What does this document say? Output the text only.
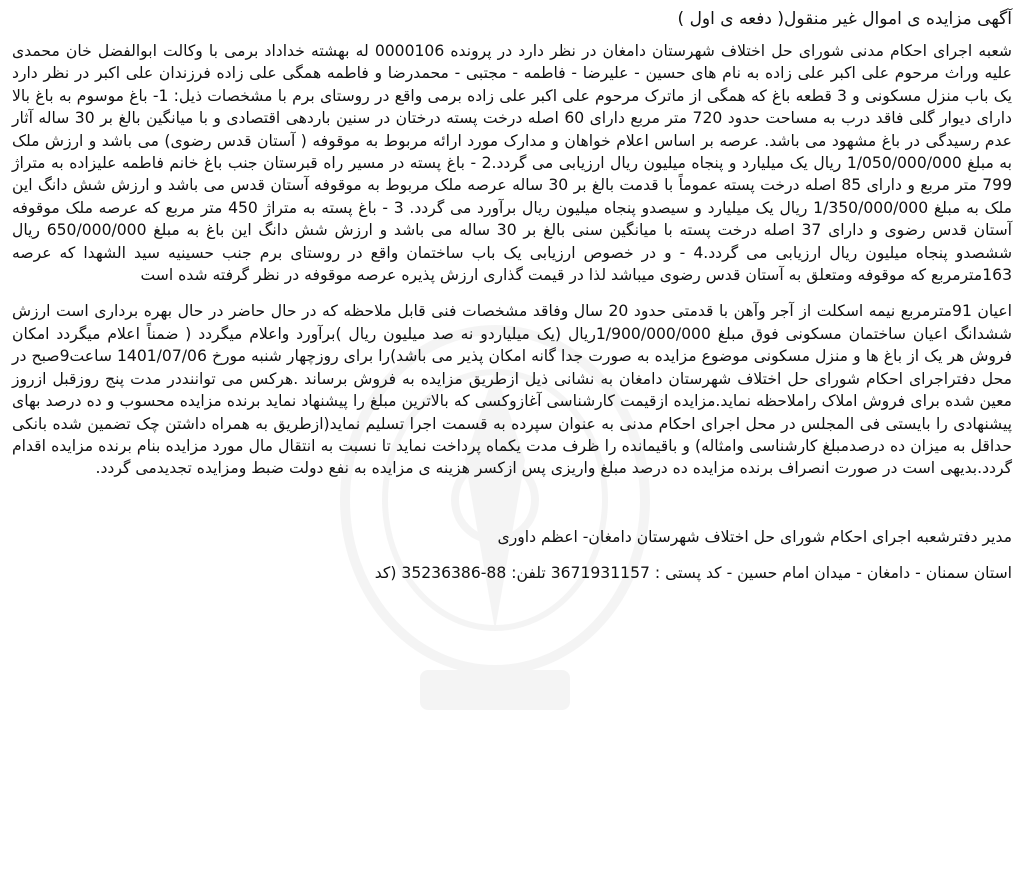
آگهی مزایده ی اموال غیر منقول( دفعه ی اول )

شعبه اجرای احکام مدنی شورای حل اختلاف شهرستان دامغان در نظر دارد در پرونده 0000106 له بهشته خداداد برمی با وکالت ابوالفضل خان محمدی علیه وراث مرحوم علی اکبر علی زاده به نام های حسین - علیرضا - فاطمه - مجتبی - محمدرضا و فاطمه همگی علی زاده فرزندان علی اکبر در نظر دارد یک باب منزل مسکونی و 3 قطعه باغ که همگی از ماترک مرحوم علی اکبر علی زاده برمی واقع در روستای برم با مشخصات ذیل: 1- باغ موسوم به باغ بالا دارای دیوار گلی فاقد درب به مساحت حدود 720 متر مربع دارای 60 اصله درخت پسته درختان در سنین باردهی اقتصادی و با میانگین بالغ بر 30 ساله آثار عدم رسیدگی در باغ مشهود می باشد. عرصه بر اساس اعلام خواهان و مدارک مورد ارائه مربوط به موقوفه ( آستان قدس رضوی) می باشد و ارزش ملک به مبلغ 1/050/000/000 ریال یک میلیارد و پنجاه میلیون ریال ارزیابی می گردد.2 - باغ پسته در مسیر راه قبرستان جنب باغ خانم فاطمه علیزاده به متراژ 799 متر مربع و دارای 85 اصله درخت پسته عموماً با قدمت بالغ بر 30 ساله عرصه ملک مربوط به موقوفه آستان قدس می باشد و ارزش شش دانگ این ملک به مبلغ 1/350/000/000 ریال یک میلیارد و سیصدو پنجاه میلیون ریال برآورد می گردد. 3 - باغ پسته به متراژ 450 متر مربع که عرصه ملک موقوفه آستان قدس رضوی و دارای 37 اصله درخت پسته با میانگین سنی بالغ بر 30 ساله می باشد و ارزش شش دانگ این باغ به مبلغ 650/000/000 ریال ششصدو پنجاه میلیون ریال ارزیابی می گردد.4 - و در خصوص ارزیابی یک باب ساختمان واقع در روستای برم جنب حسینیه سید الشهدا که عرصه 163مترمربع که موقوفه ومتعلق به آستان قدس رضوی میباشد لذا در قیمت گذاری ارزش پذیره عرصه موقوفه در نظر گرفته شده است

اعیان 91مترمربع نیمه اسکلت از آجر وآهن با قدمتی حدود 20 سال وفاقد مشخصات فنی قابل ملاحظه که در حال حاضر در حال بهره برداری است ارزش ششدانگ اعیان ساختمان مسکونی فوق مبلغ 1/900/000/000ریال (یک میلیاردو نه صد میلیون ریال )برآورد واعلام میگردد ( ضمناً اعلام میگردد امکان فروش هر یک از باغ ها و منزل مسکونی موضوع مزایده به صورت جدا گانه امکان پذیر می باشد)را برای روزچهار شنبه مورخ 1401/07/06 ساعت9صبح در محل دفتراجرای احکام شورای حل اختلاف شهرستان دامغان به نشانی ذیل ازطریق مزایده به فروش برساند .هرکس می تواننددر مدت پنج روزقبل ازروز معین شده برای فروش املاک راملاحظه نماید.مزایده ازقیمت کارشناسی آغازوکسی که بالاترین مبلغ را پیشنهاد نماید برنده مزایده محسوب و ده درصد بهای پیشنهادی را بایستی فی المجلس در محل اجرای احکام مدنی به عنوان سپرده به قسمت اجرا تسلیم نماید(ازطریق به همراه داشتن چک تضمین شده بانکی حداقل به میزان ده درصدمبلغ کارشناسی وامثاله) و باقیمانده را ظرف مدت یکماه پرداخت نماید تا نسبت به انتقال مال مورد مزایده بنام برنده مزایده اقدام گردد.بدیهی است در صورت انصراف برنده مزایده ده درصد مبلغ واریزی پس ازکسر هزینه ی مزایده به نفع دولت ضبط ومزایده تجدیدمی گردد.

مدیر دفترشعبه اجرای احکام شورای حل اختلاف شهرستان دامغان- اعظم داوری

استان سمنان - دامغان - میدان امام حسین - کد پستی : 3671931157 تلفن: 88-35236386 (کد
